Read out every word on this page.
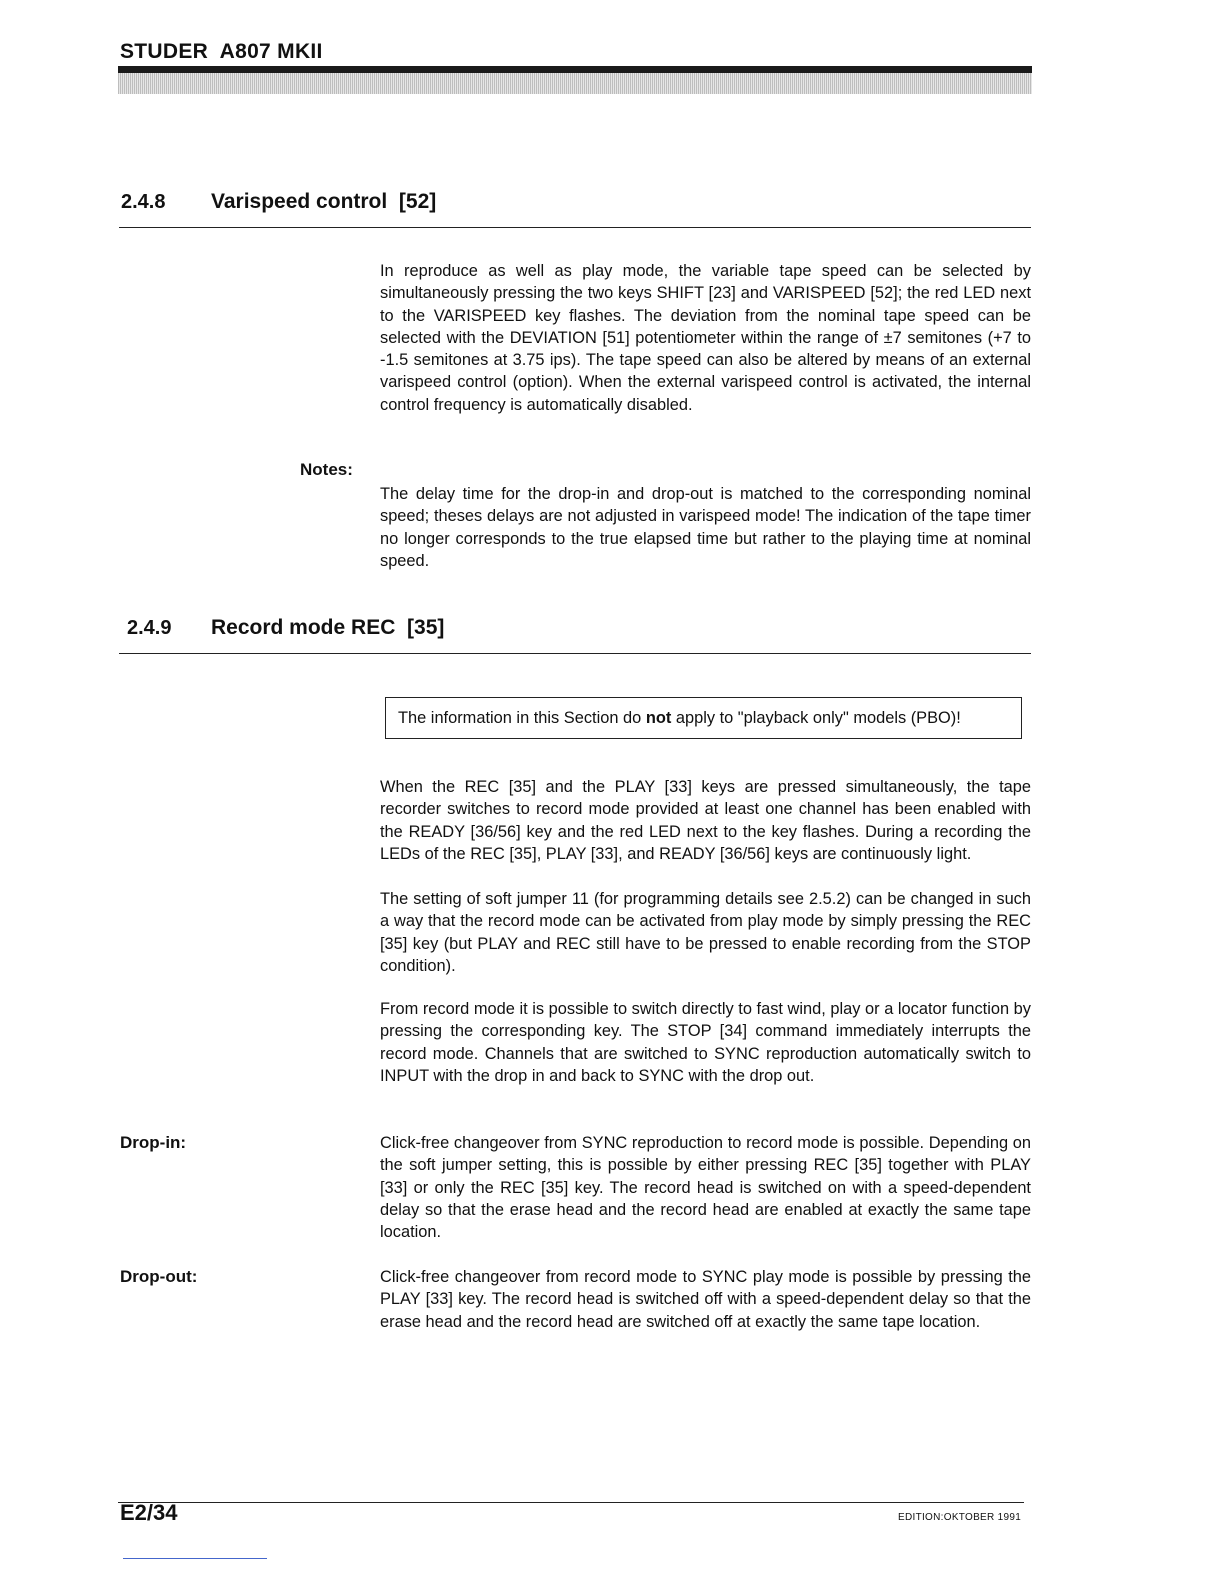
STUDER  A807 MKII
2.4.8 Varispeed control  [52]

In reproduce as well as play mode, the variable tape speed can be selected by simultaneously pressing the two keys SHIFT [23] and VARISPEED [52]; the red LED next to the VARISPEED key flashes. The deviation from the nominal tape speed can be selected with the DEVIATION [51] potentiometer within the range of ±7 semitones (+7 to -1.5 semitones at 3.75 ips). The tape speed can also be altered by means of an external varispeed control (option). When the external varispeed control is activated, the internal control frequency is automatically disabled.

Notes:

The delay time for the drop-in and drop-out is matched to the corresponding nominal speed; theses delays are not adjusted in varispeed mode! The indication of the tape timer no longer corresponds to the true elapsed time but rather to the playing time at nominal speed.

2.4.9 Record mode REC  [35]
The information in this Section do not apply to "playback only" models (PBO)!

When the REC [35] and the PLAY [33] keys are pressed simultaneously, the tape recorder switches to record mode provided at least one channel has been enabled with the READY [36/56] key and the red LED next to the key flashes. During a recording the LEDs of the REC [35], PLAY [33], and READY [36/56] keys are continuously light.

The setting of soft jumper 11 (for programming details see 2.5.2) can be changed in such a way that the record mode can be activated from play mode by simply pressing the REC [35] key (but PLAY and REC still have to be pressed to enable recording from the STOP condition).

From record mode it is possible to switch directly to fast wind, play or a locator function by pressing the corresponding key. The STOP [34] command immediately interrupts the record mode. Channels that are switched to SYNC reproduction automatically switch to INPUT with the drop in and back to SYNC with the drop out.

Drop-in:	Click-free changeover from SYNC reproduction to record mode is possible. Depending on the soft jumper setting, this is possible by either pressing REC [35] together with PLAY [33] or only the REC [35] key. The record head is switched on with a speed-dependent delay so that the erase head and the record head are enabled at exactly the same tape location.

Drop-out:	Click-free changeover from record mode to SYNC play mode is possible by pressing the PLAY [33] key. The record head is switched off with a speed-dependent delay so that the erase head and the record head are switched off at exactly the same tape location.

E2/34	EDITION:OKTOBER 1991
